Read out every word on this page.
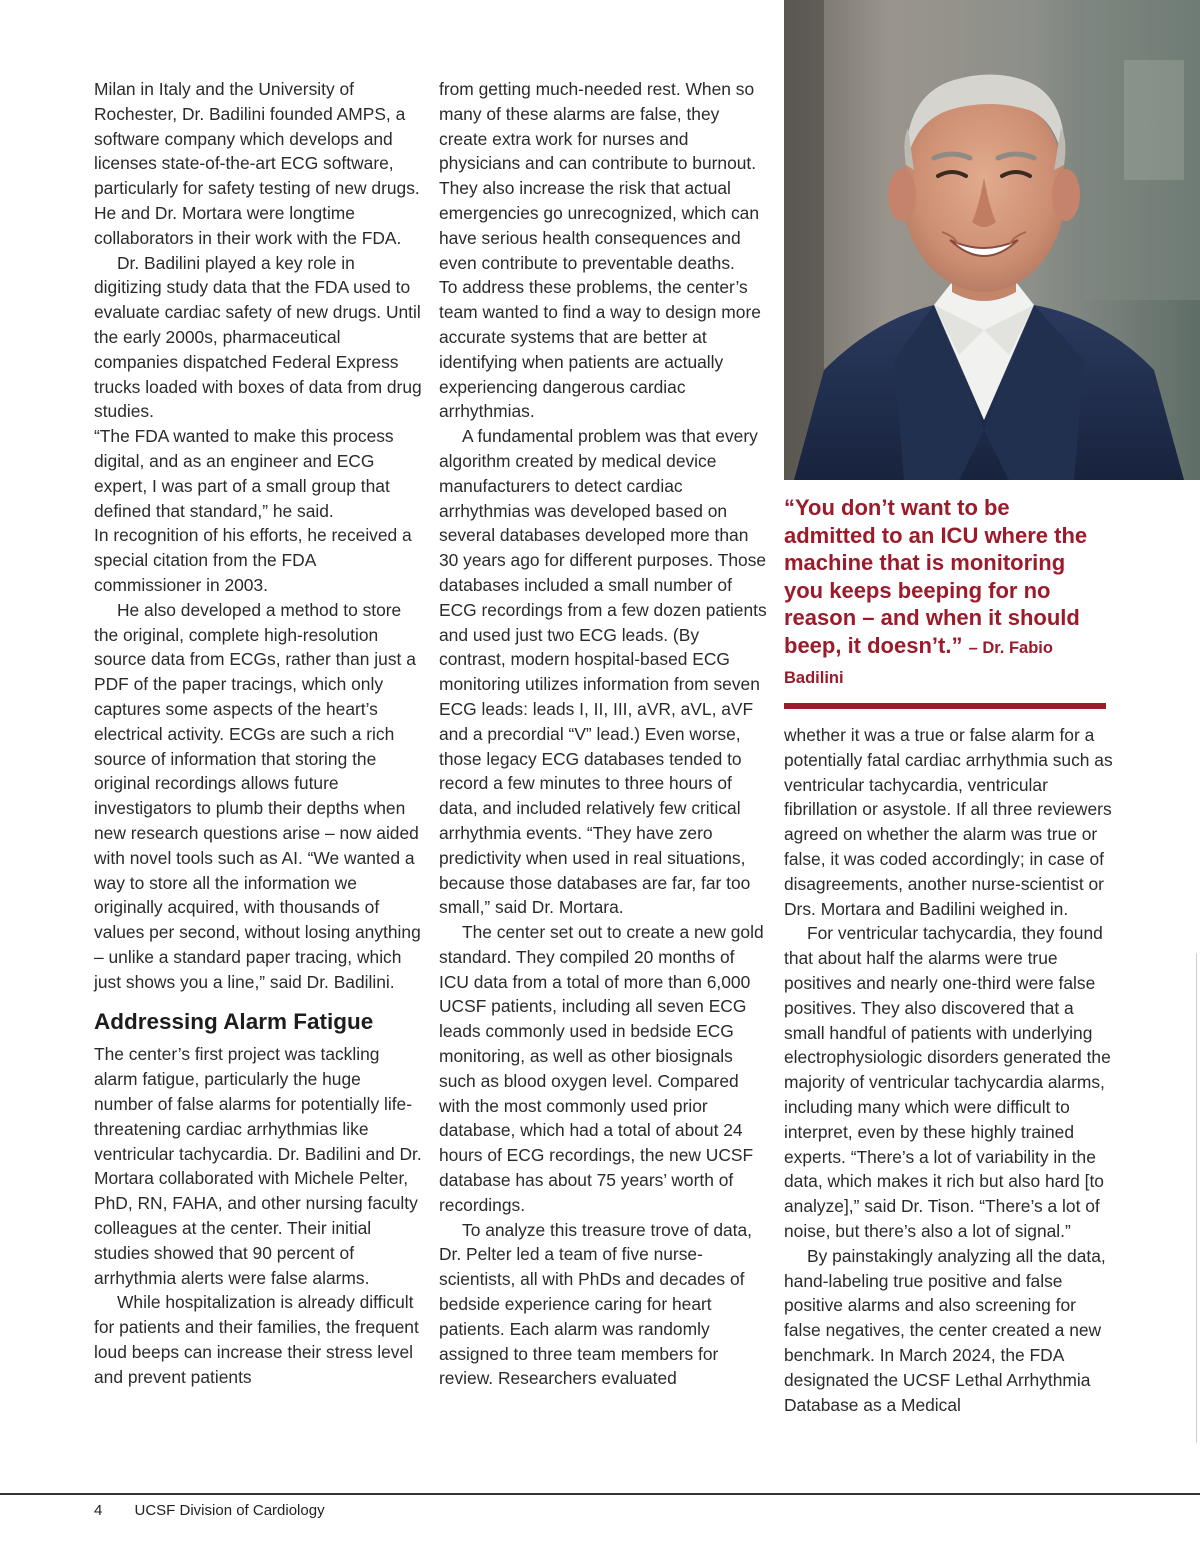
Milan in Italy and the University of Rochester, Dr. Badilini founded AMPS, a software company which develops and licenses state-of-the-art ECG software, particularly for safety testing of new drugs. He and Dr. Mortara were longtime collaborators in their work with the FDA.

Dr. Badilini played a key role in digitizing study data that the FDA used to evaluate cardiac safety of new drugs. Until the early 2000s, pharmaceutical companies dispatched Federal Express trucks loaded with boxes of data from drug studies.

“The FDA wanted to make this process digital, and as an engineer and ECG expert, I was part of a small group that defined that standard,” he said.

In recognition of his efforts, he received a special citation from the FDA commissioner in 2003.

He also developed a method to store the original, complete high-resolution source data from ECGs, rather than just a PDF of the paper tracings, which only captures some aspects of the heart’s electrical activity. ECGs are such a rich source of information that storing the original recordings allows future investigators to plumb their depths when new research questions arise – now aided with novel tools such as AI. “We wanted a way to store all the information we originally acquired, with thousands of values per second, without losing anything – unlike a standard paper tracing, which just shows you a line,” said Dr. Badilini.

Addressing Alarm Fatigue

The center’s first project was tackling alarm fatigue, particularly the huge number of false alarms for potentially life-threatening cardiac arrhythmias like ventricular tachycardia. Dr. Badilini and Dr. Mortara collaborated with Michele Pelter, PhD, RN, FAHA, and other nursing faculty colleagues at the center. Their initial studies showed that 90 percent of arrhythmia alerts were false alarms.

While hospitalization is already difficult for patients and their families, the frequent loud beeps can increase their stress level and prevent patients

from getting much-needed rest. When so many of these alarms are false, they create extra work for nurses and physicians and can contribute to burnout. They also increase the risk that actual emergencies go unrecognized, which can have serious health consequences and even contribute to preventable deaths.

To address these problems, the center’s team wanted to find a way to design more accurate systems that are better at identifying when patients are actually experiencing dangerous cardiac arrhythmias.

A fundamental problem was that every algorithm created by medical device manufacturers to detect cardiac arrhythmias was developed based on several databases developed more than 30 years ago for different purposes. Those databases included a small number of ECG recordings from a few dozen patients and used just two ECG leads. (By contrast, modern hospital-based ECG monitoring utilizes information from seven ECG leads: leads I, II, III, aVR, aVL, aVF and a precordial “V” lead.) Even worse, those legacy ECG databases tended to record a few minutes to three hours of data, and included relatively few critical arrhythmia events. “They have zero predictivity when used in real situations, because those databases are far, far too small,” said Dr. Mortara.

The center set out to create a new gold standard. They compiled 20 months of ICU data from a total of more than 6,000 UCSF patients, including all seven ECG leads commonly used in bedside ECG monitoring, as well as other biosignals such as blood oxygen level. Compared with the most commonly used prior database, which had a total of about 24 hours of ECG recordings, the new UCSF database has about 75 years’ worth of recordings.

To analyze this treasure trove of data, Dr. Pelter led a team of five nurse-scientists, all with PhDs and decades of bedside experience caring for heart patients. Each alarm was randomly assigned to three team members for review. Researchers evaluated

“You don’t want to be admitted to an ICU where the machine that is monitoring you keeps beeping for no reason – and when it should beep, it doesn’t.” – Dr. Fabio Badilini

whether it was a true or false alarm for a potentially fatal cardiac arrhythmia such as ventricular tachycardia, ventricular fibrillation or asystole. If all three reviewers agreed on whether the alarm was true or false, it was coded accordingly; in case of disagreements, another nurse-scientist or Drs. Mortara and Badilini weighed in.

For ventricular tachycardia, they found that about half the alarms were true positives and nearly one-third were false positives. They also discovered that a small handful of patients with underlying electrophysiologic disorders generated the majority of ventricular tachycardia alarms, including many which were difficult to interpret, even by these highly trained experts. “There’s a lot of variability in the data, which makes it rich but also hard [to analyze],” said Dr. Tison. “There’s a lot of noise, but there’s also a lot of signal.”

By painstakingly analyzing all the data, hand-labeling true positive and false positive alarms and also screening for false negatives, the center created a new benchmark. In March 2024, the FDA designated the UCSF Lethal Arrhythmia Database as a Medical

4 UCSF Division of Cardiology
